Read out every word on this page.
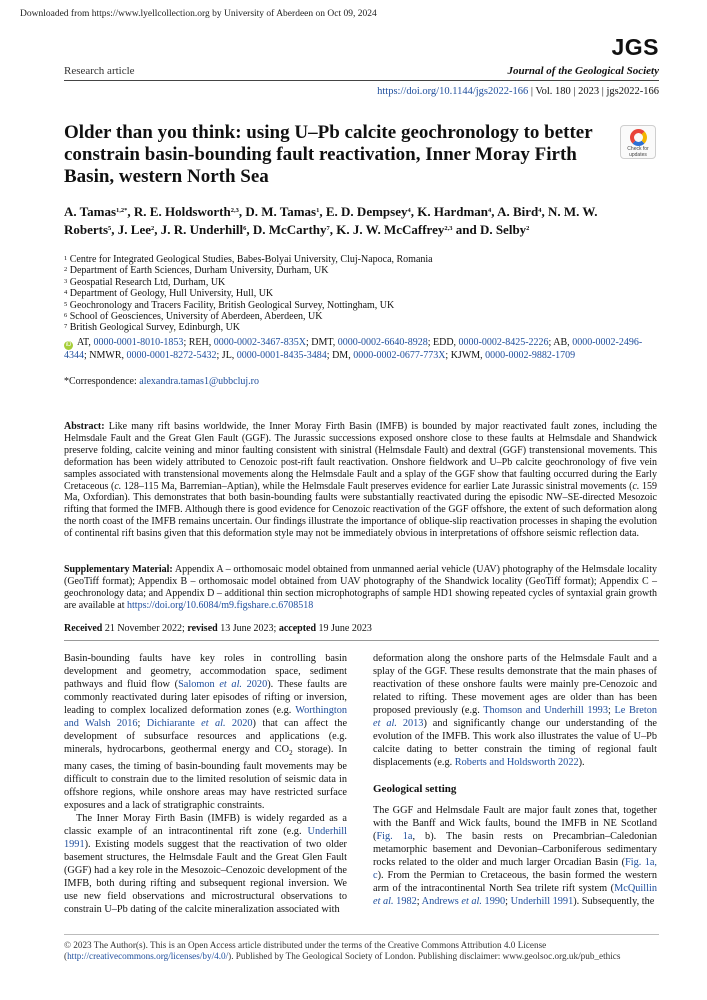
Downloaded from https://www.lyellcollection.org by University of Aberdeen on Oct 09, 2024
JGS
Research article	Journal of the Geological Society
https://doi.org/10.1144/jgs2022-166 | Vol. 180 | 2023 | jgs2022-166
Older than you think: using U–Pb calcite geochronology to better constrain basin-bounding fault reactivation, Inner Moray Firth Basin, western North Sea
Check for
updates
A. Tamas$^{1,2*}$, R. E. Holdsworth$^{2,3}$, D. M. Tamas$^1$, E. D. Dempsey$^4$, K. Hardman$^4$, A. Bird$^4$, N. M. W. Roberts$^5$, J. Lee$^2$, J. R. Underhill$^6$, D. McCarthy$^7$, K. J. W. McCaffrey$^{2,3}$ and D. Selby$^2$
$^1$ Centre for Integrated Geological Studies, Babes-Bolyai University, Cluj-Napoca, Romania
$^2$ Department of Earth Sciences, Durham University, Durham, UK
$^3$ Geospatial Research Ltd, Durham, UK
$^4$ Department of Geology, Hull University, Hull, UK
$^5$ Geochronology and Tracers Facility, British Geological Survey, Nottingham, UK
$^6$ School of Geosciences, University of Aberdeen, Aberdeen, UK
$^7$ British Geological Survey, Edinburgh, UK
iD AT, 0000-0001-8010-1853; REH, 0000-0002-3467-835X; DMT, 0000-0002-6640-8928; EDD, 0000-0002-8425-2226; AB, 0000-0002-2496-4344; NMWR, 0000-0001-8272-5432; JL, 0000-0001-8435-3484; DM, 0000-0002-0677-773X; KJWM, 0000-0002-9882-1709
*Correspondence: alexandra.tamas1@ubbcluj.ro
Abstract: Like many rift basins worldwide, the Inner Moray Firth Basin (IMFB) is bounded by major reactivated fault zones, including the Helmsdale Fault and the Great Glen Fault (GGF). The Jurassic successions exposed onshore close to these faults at Helmsdale and Shandwick preserve folding, calcite veining and minor faulting consistent with sinistral (Helmsdale Fault) and dextral (GGF) transtensional movements. This deformation has been widely attributed to Cenozoic post-rift fault reactivation. Onshore fieldwork and U–Pb calcite geochronology of five vein samples associated with transtensional movements along the Helmsdale Fault and a splay of the GGF show that faulting occurred during the Early Cretaceous (c. 128–115 Ma, Barremian–Aptian), while the Helmsdale Fault preserves evidence for earlier Late Jurassic sinistral movements (c. 159 Ma, Oxfordian). This demonstrates that both basin-bounding faults were substantially reactivated during the episodic NW–SE-directed Mesozoic rifting that formed the IMFB. Although there is good evidence for Cenozoic reactivation of the GGF offshore, the extent of such deformation along the north coast of the IMFB remains uncertain. Our findings illustrate the importance of oblique-slip reactivation processes in shaping the evolution of continental rift basins given that this deformation style may not be immediately obvious in interpretations of offshore seismic reflection data.
Supplementary Material: Appendix A – orthomosaic model obtained from unmanned aerial vehicle (UAV) photography of the Helmsdale locality (GeoTiff format); Appendix B – orthomosaic model obtained from UAV photography of the Shandwick locality (GeoTiff format); Appendix C – geochronology data; and Appendix D – additional thin section microphotographs of sample HD1 showing repeated cycles of syntaxial grain growth are available at https://doi.org/10.6084/m9.figshare.c.6708518
Received 21 November 2022; revised 13 June 2023; accepted 19 June 2023

Basin-bounding faults have key roles in controlling basin development and geometry, accommodation space, sediment pathways and fluid flow (Salomon et al. 2020). These faults are commonly reactivated during later episodes of rifting or inversion, leading to complex localized deformation zones (e.g. Worthington and Walsh 2016; Dichiarante et al. 2020) that can affect the development of subsurface resources and applications (e.g. minerals, hydrocarbons, geothermal energy and $CO_2$ storage). In many cases, the timing of basin-bounding fault movements may be difficult to constrain due to the limited resolution of seismic data in offshore regions, while onshore areas may have restricted surface exposures and a lack of stratigraphic constraints.

The Inner Moray Firth Basin (IMFB) is widely regarded as a classic example of an intracontinental rift zone (e.g. Underhill 1991). Existing models suggest that the reactivation of two older basement structures, the Helmsdale Fault and the Great Glen Fault (GGF) had a key role in the Mesozoic–Cenozoic development of the IMFB, both during rifting and subsequent regional inversion. We use new field observations and microstructural observations to constrain U–Pb dating of the calcite mineralization associated with

deformation along the onshore parts of the Helmsdale Fault and a splay of the GGF. These results demonstrate that the main phases of reactivation of these onshore faults were mainly pre-Cenozoic and related to rifting. These movement ages are older than has been proposed previously (e.g. Thomson and Underhill 1993; Le Breton et al. 2013) and significantly change our understanding of the evolution of the IMFB. This work also illustrates the value of U–Pb calcite dating to better constrain the timing of regional fault displacements (e.g. Roberts and Holdsworth 2022).

Geological setting

The GGF and Helmsdale Fault are major fault zones that, together with the Banff and Wick faults, bound the IMFB in NE Scotland (Fig. 1a, b). The basin rests on Precambrian–Caledonian metamorphic basement and Devonian–Carboniferous sedimentary rocks related to the older and much larger Orcadian Basin (Fig. 1a, c). From the Permian to Cretaceous, the basin formed the western arm of the intracontinental North Sea trilete rift system (McQuillin et al. 1982; Andrews et al. 1990; Underhill 1991). Subsequently, the

© 2023 The Author(s). This is an Open Access article distributed under the terms of the Creative Commons Attribution 4.0 License (http://creativecommons.org/licenses/by/4.0/). Published by The Geological Society of London. Publishing disclaimer: www.geolsoc.org.uk/pub_ethics
